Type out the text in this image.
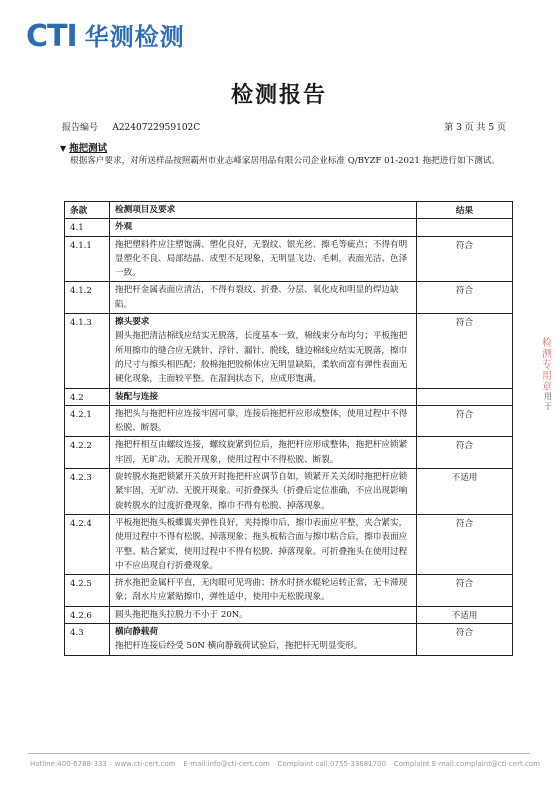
CTI 华测检测
检测报告
报告编号 A2240722959102C	第 3 页 共 5 页
▼ 拖把测试
根据客户要求，对所送样品按照霸州市业志峰家居用品有限公司企业标准 Q/BYZF 01-2021 拖把进行如下测试。
条款	检测项目及要求	结果
4.1	外观	
4.1.1	拖把塑料件应注塑饱满、塑化良好，无裂纹、银光丝、擦毛等疵点；不得有明显塑化不良、局部结晶、成型不足现象，无明显飞边、毛刺，表面光洁、色泽一致。	符合
4.1.2	拖把杆金属表面应清洁，不得有裂纹、折叠、分层、氧化皮和明显的焊边缺陷。	符合
4.1.3	擦头要求
圆头拖把清洁棉线应结实无脱落，长度基本一致，棉线束分布均匀；平板拖把所用擦巾的缝合应无跳针、浮针、漏针、脱线，缝边棉线应结实无脱落，擦巾的尺寸与擦头相匹配；胶棉拖把胶棉体应无明显缺陷，柔软而富有弹性表面无硬化现象，主面较平整。在湿润状态下，应成形饱满。	符合
4.2	装配与连接	
4.2.1	拖把头与拖把杆应连接牢固可靠，连接后拖把杆应形成整体，使用过程中不得松脱、断裂。	符合
4.2.2	拖把杆相互由螺纹连接，螺纹旋紧到位后，拖把杆应形成整体，拖把杆应锁紧牢固，无旷动、无脱开现象，使用过程中不得松脱、断裂。	符合
4.2.3	旋转脱水拖把锁紧开关放开时拖把杆应调节自如，锁紧开关关闭时拖把杆应锁紧牢固，无旷动、无脱开现象。可折叠探头（折叠后定位准确，不应出现影响旋转脱水的过度折叠现象，擦巾不得有松脱、掉落现象。	不适用
4.2.4	平板拖把拖头板蝶翼夹弹性良好，夹持擦巾后，擦巾表面应平整，夹合紧实，使用过程中不得有松脱、掉落现象；拖头板粘合面与擦巾粘合后，擦巾表面应平整、粘合紧实，使用过程中不得有松脱、掉落现象。可折叠拖头在使用过程中不应出现自行折叠现象。	符合
4.2.5	挤水拖把金属杆平直，无肉眼可见弯曲；挤水时挤水辊轮运转正常，无卡滞现象；刮水片应紧贴擦巾，弹性适中，使用中无松脱现象。	符合
4.2.6	圆头拖把拖头拉脱力不小于 20N。	不适用
4.3	横向静载荷
拖把杆连接后经受 50N 横向静载荷试验后，拖把杆无明显变形。	符合
检测专用章
用于
Hotline:400-6788-333 www.cti-cert.com E-mail:info@cti-cert.com Complaint call:0755-33681700 Complaint E-mail:complaint@cti-cert.com
